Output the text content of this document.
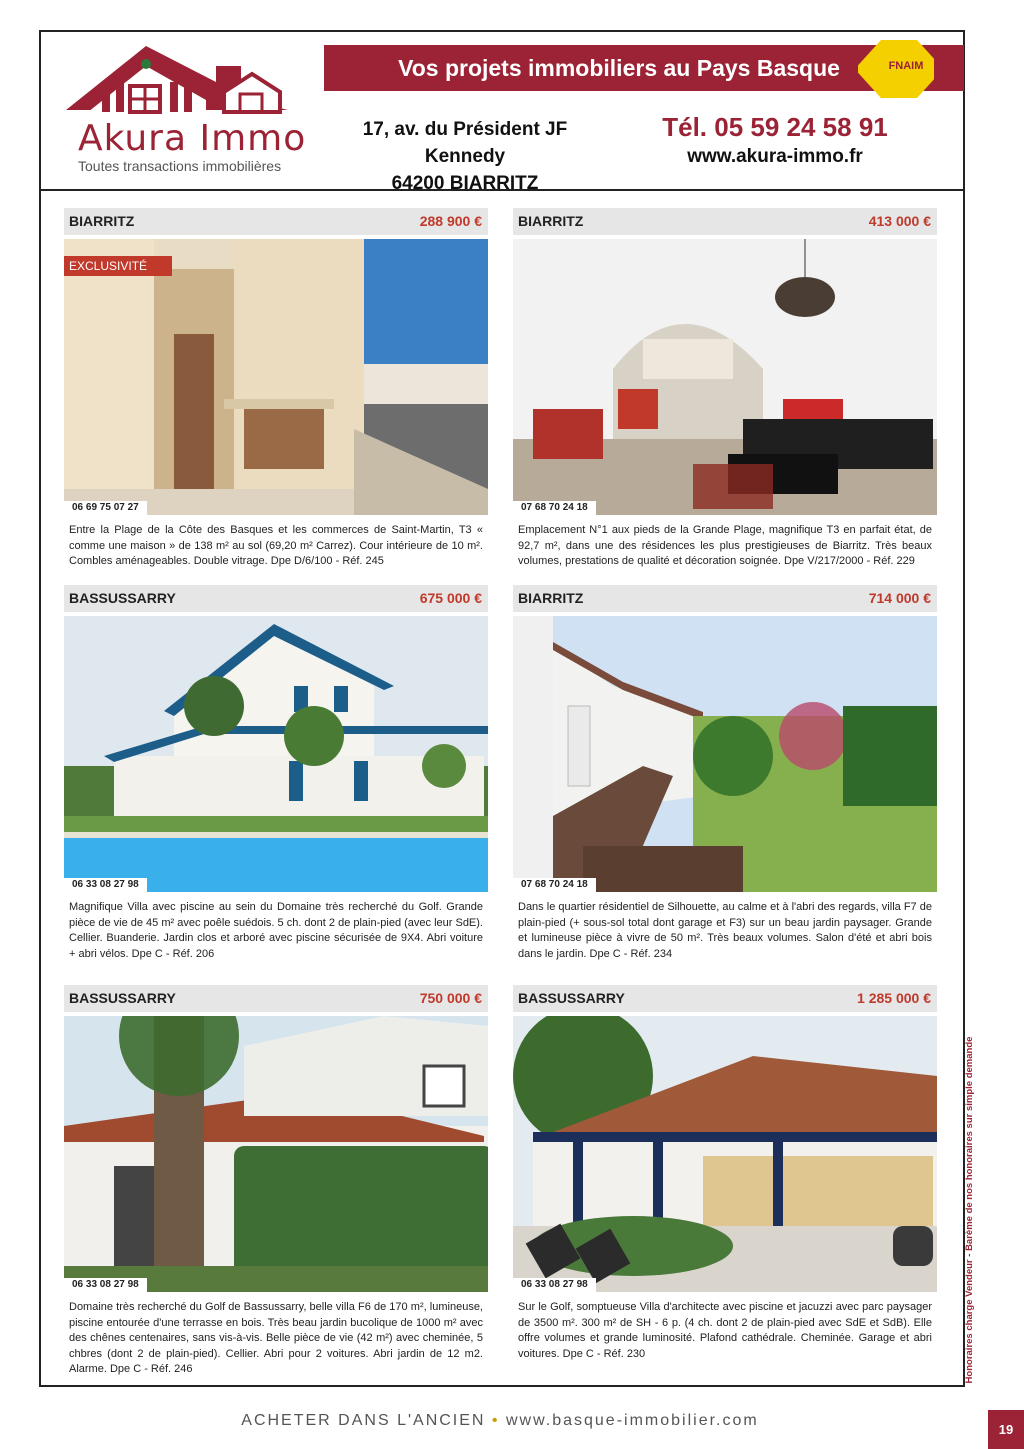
Akura Immo
Toutes transactions immobilières
Vos projets immobiliers au Pays Basque	FNAIM
17, av. du Président JF Kennedy
64200 BIARRITZ
Tél. 05 59 24 58 91
www.akura-immo.fr
BIARRITZ	288 900 €
EXCLUSIVITÉ
06 69 75 07 27
Entre la Plage de la Côte des Basques et les commerces de Saint-Martin, T3 « comme une maison » de 138 m² au sol (69,20 m² Carrez). Cour intérieure de 10 m². Combles aménageables. Double vitrage. Dpe D/6/100 - Réf. 245
BIARRITZ	413 000 €
07 68 70 24 18
Emplacement N°1 aux pieds de la Grande Plage, magnifique T3 en parfait état, de 92,7 m², dans une des résidences les plus prestigieuses de Biarritz. Très beaux volumes, prestations de qualité et décoration soignée. Dpe V/217/2000 - Réf. 229
BASSUSSARRY	675 000 €
06 33 08 27 98
Magnifique Villa avec piscine au sein du Domaine très recherché du Golf. Grande pièce de vie de 45 m² avec poêle suédois. 5 ch. dont 2 de plain-pied (avec leur SdE). Cellier. Buanderie. Jardin clos et arboré avec piscine sécurisée de 9X4. Abri voiture + abri vélos. Dpe C - Réf. 206
BIARRITZ	714 000 €
07 68 70 24 18
Dans le quartier résidentiel de Silhouette, au calme et à l'abri des regards, villa F7 de plain-pied (+ sous-sol total dont garage et F3) sur un beau jardin paysager. Grande et lumineuse pièce à vivre de 50 m². Très beaux volumes. Salon d'été et abri bois dans le jardin. Dpe C - Réf. 234
BASSUSSARRY	750 000 €
06 33 08 27 98
Domaine très recherché du Golf de Bassussarry, belle villa F6 de 170 m², lumineuse, piscine entourée d'une terrasse en bois. Très beau jardin bucolique de 1000 m² avec des chênes centenaires, sans vis-à-vis. Belle pièce de vie (42 m²) avec cheminée, 5 chbres (dont 2 de plain-pied). Cellier. Abri pour 2 voitures. Abri jardin de 12 m2. Alarme. Dpe C - Réf. 246
BASSUSSARRY	1 285 000 €
06 33 08 27 98
Sur le Golf, somptueuse Villa d'architecte avec piscine et jacuzzi avec parc paysager de 3500 m². 300 m² de SH - 6 p. (4 ch. dont 2 de plain-pied avec SdE et SdB). Elle offre volumes et grande luminosité. Plafond cathédrale. Cheminée. Garage et abri voitures. Dpe C - Réf. 230	Honoraires charge Vendeur - Barème de nos honoraires sur simple demande
ACHETER DANS L'ANCIEN • www.basque-immobilier.com
19
